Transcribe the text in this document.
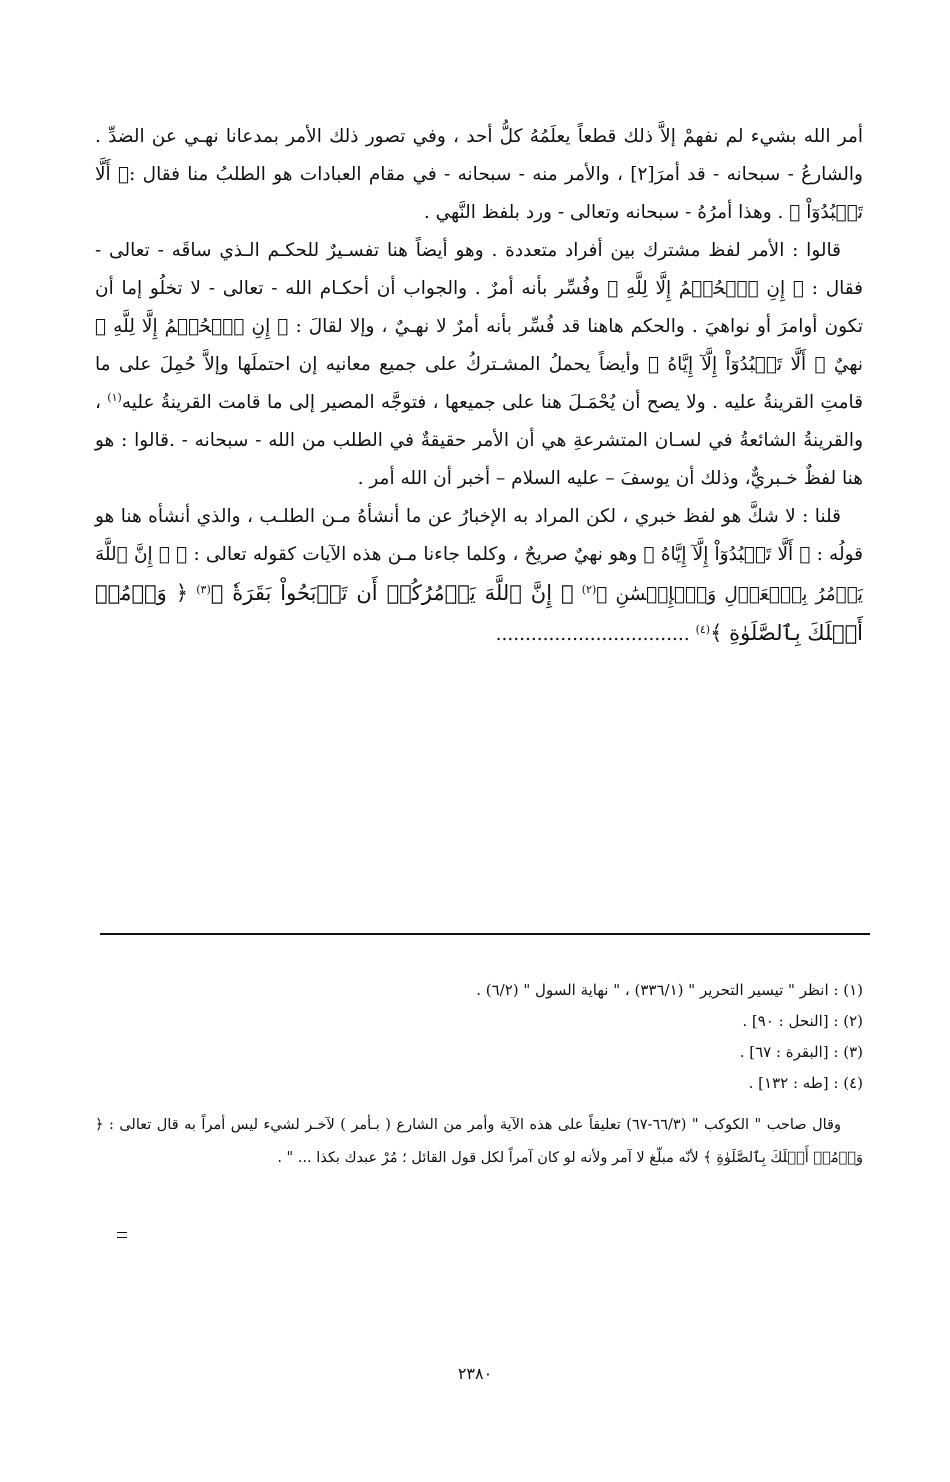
أمر الله بشيء لم نفهمْ إلاَّ ذلك قطعاً يعلَمُهُ كلُّ أحد ، وفي تصور ذلك الأمر بمدعانا نهـي عن الضدِّ . والشارعُ - سبحانه - قد أمرَ[٢] ، والأمر منه - سبحانه - في مقام العبادات هو الطلبُ منا فقال :﴿ أَلَّا تَعۡبُدُوٓاْ ﴾ . وهذا أمرُهُ - سبحانه وتعالى - ورد بلفظ النَّهي .

قالوا : الأمر لفظ مشترك بين أفراد متعددة . وهو أيضاً هنا تفسـيرٌ للحكـم الـذي ساقَه - تعالى - فقال : ﴿ إِنِ ٱلۡحُكۡمُ إِلَّا لِلَّهِ ﴾ وفُسِّر بأنه أمرٌ . والجواب أن أحكـام الله - تعالى - لا تخلُو إما أن تكون أوامرَ أو نواهيَ . والحكم هاهنا قد فُسِّر بأنه أمرٌ لا نهـيٌ ، وإلا لقالَ : ﴿ إِنِ ٱلۡحُكۡمُ إِلَّا لِلَّهِ ﴾ نهيٌ ﴿ أَلَّا تَعۡبُدُوٓاْ إِلَّآ إِيَّاهُ ﴾ وأيضاً يحملُ المشـتركُ على جميع معانيه إن احتملَها وإلاَّ حُمِلَ على ما قامتِ القرينةُ عليه . ولا يصح أن يُحْمَـلَ هنا على جميعها ، فتوجَّه المصير إلى ما قامت القرينةُ عليه$^{(١)}$ ، والقرينةُ الشائعةُ في لسـان المتشرعةِ هي أن الأمر حقيقةٌ في الطلب من الله - سبحانه - .قالوا : هو هنا لفظٌ خـبريٌّ، وذلك أن يوسفَ – عليه السلام – أخبر أن الله أمر .

قلنا : لا شكَّ هو لفظ خبري ، لكن المراد به الإخبارُ عن ما أنشأهُ مـن الطلـب ، والذي أنشأه هنا هو قولُه : ﴿ أَلَّا تَعۡبُدُوٓاْ إِلَّآ إِيَّاهُ ﴾ وهو نهيٌ صريحٌ ، وكلما جاءنا مـن هذه الآيات كقوله تعالى : ﴿ ۞ إِنَّ ٱللَّهَ يَأۡمُرُ بِٱلۡعَدۡلِ وَٱلۡإِحۡسَٰنِ ﴾$^{(٢)}$ ﴿ إِنَّ ٱللَّهَ يَأۡمُرُكُمۡ أَن تَذۡبَحُواْ بَقَرَةٗ ﴾$^{(٣)}$ ﴿ وَأۡمُرۡ أَهۡلَكَ بِٱلصَّلَوٰةِ ﴾$^{(٤)}$ .................................

(١) : انظر " تيسير التحرير " (٣٣٦/١) ، " نهاية السول " (٦/٢) .

(٢) : [النحل : ٩٠] .

(٣) : [البقرة : ٦٧] .

(٤) : [طه : ١٣٢] .

وقال صاحب " الكوكب " (٦٦/٣-٦٧) تعليقاً على هذه الآية وأمر من الشارع ( بـأمر ) لآخـر لشيء ليس أمراً به قال تعالى : ﴿ وَأۡمُرۡ أَهۡلَكَ بِٱلصَّلَوٰةِ ﴾ لأنّه مبلّغ لا آمر ولأنه لو كان آمراً لكل قول القائل ؛ مُرْ عبدك بكذا ... " .

٢٣٨٠
